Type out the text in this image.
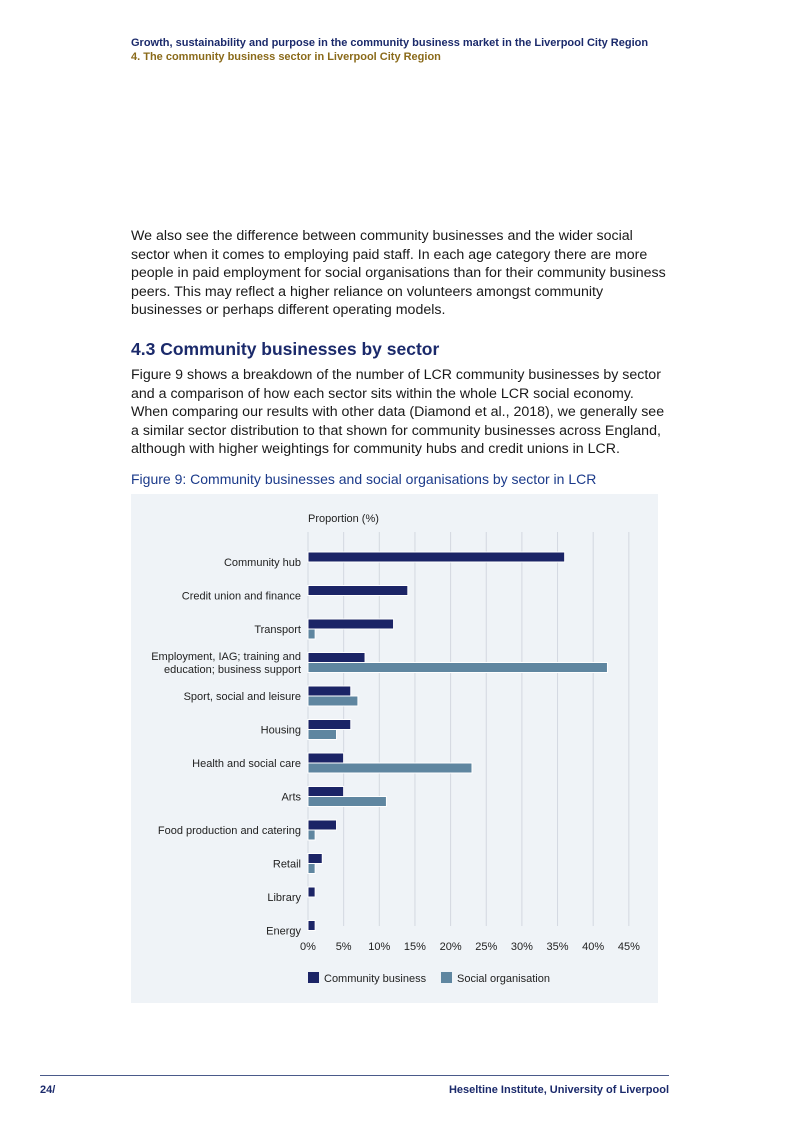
Growth, sustainability and purpose in the community business market in the Liverpool City Region
4. The community business sector in Liverpool City Region

We also see the difference between community businesses and the wider social sector when it comes to employing paid staff. In each age category there are more people in paid employment for social organisations than for their community business peers. This may reflect a higher reliance on volunteers amongst community businesses or perhaps different operating models.

4.3 Community businesses by sector

Figure 9 shows a breakdown of the number of LCR community businesses by sector and a comparison of how each sector sits within the whole LCR social economy. When comparing our results with other data (Diamond et al., 2018), we generally see a similar sector distribution to that shown for community businesses across England, although with higher weightings for community hubs and credit unions in LCR.

Figure 9: Community businesses and social organisations by sector in LCR

0% 5% 10% 15% 20% 25% 30% 35% 40% 45%
Proportion (%)
Community hub
Credit union and finance
Transport
Employment, IAG; training and education; business support
Sport, social and leisure
Housing
Health and social care
Arts
Food production and catering
Retail
Library
Energy
Community business	Social organisation
24/	Heseltine Institute, University of Liverpool
